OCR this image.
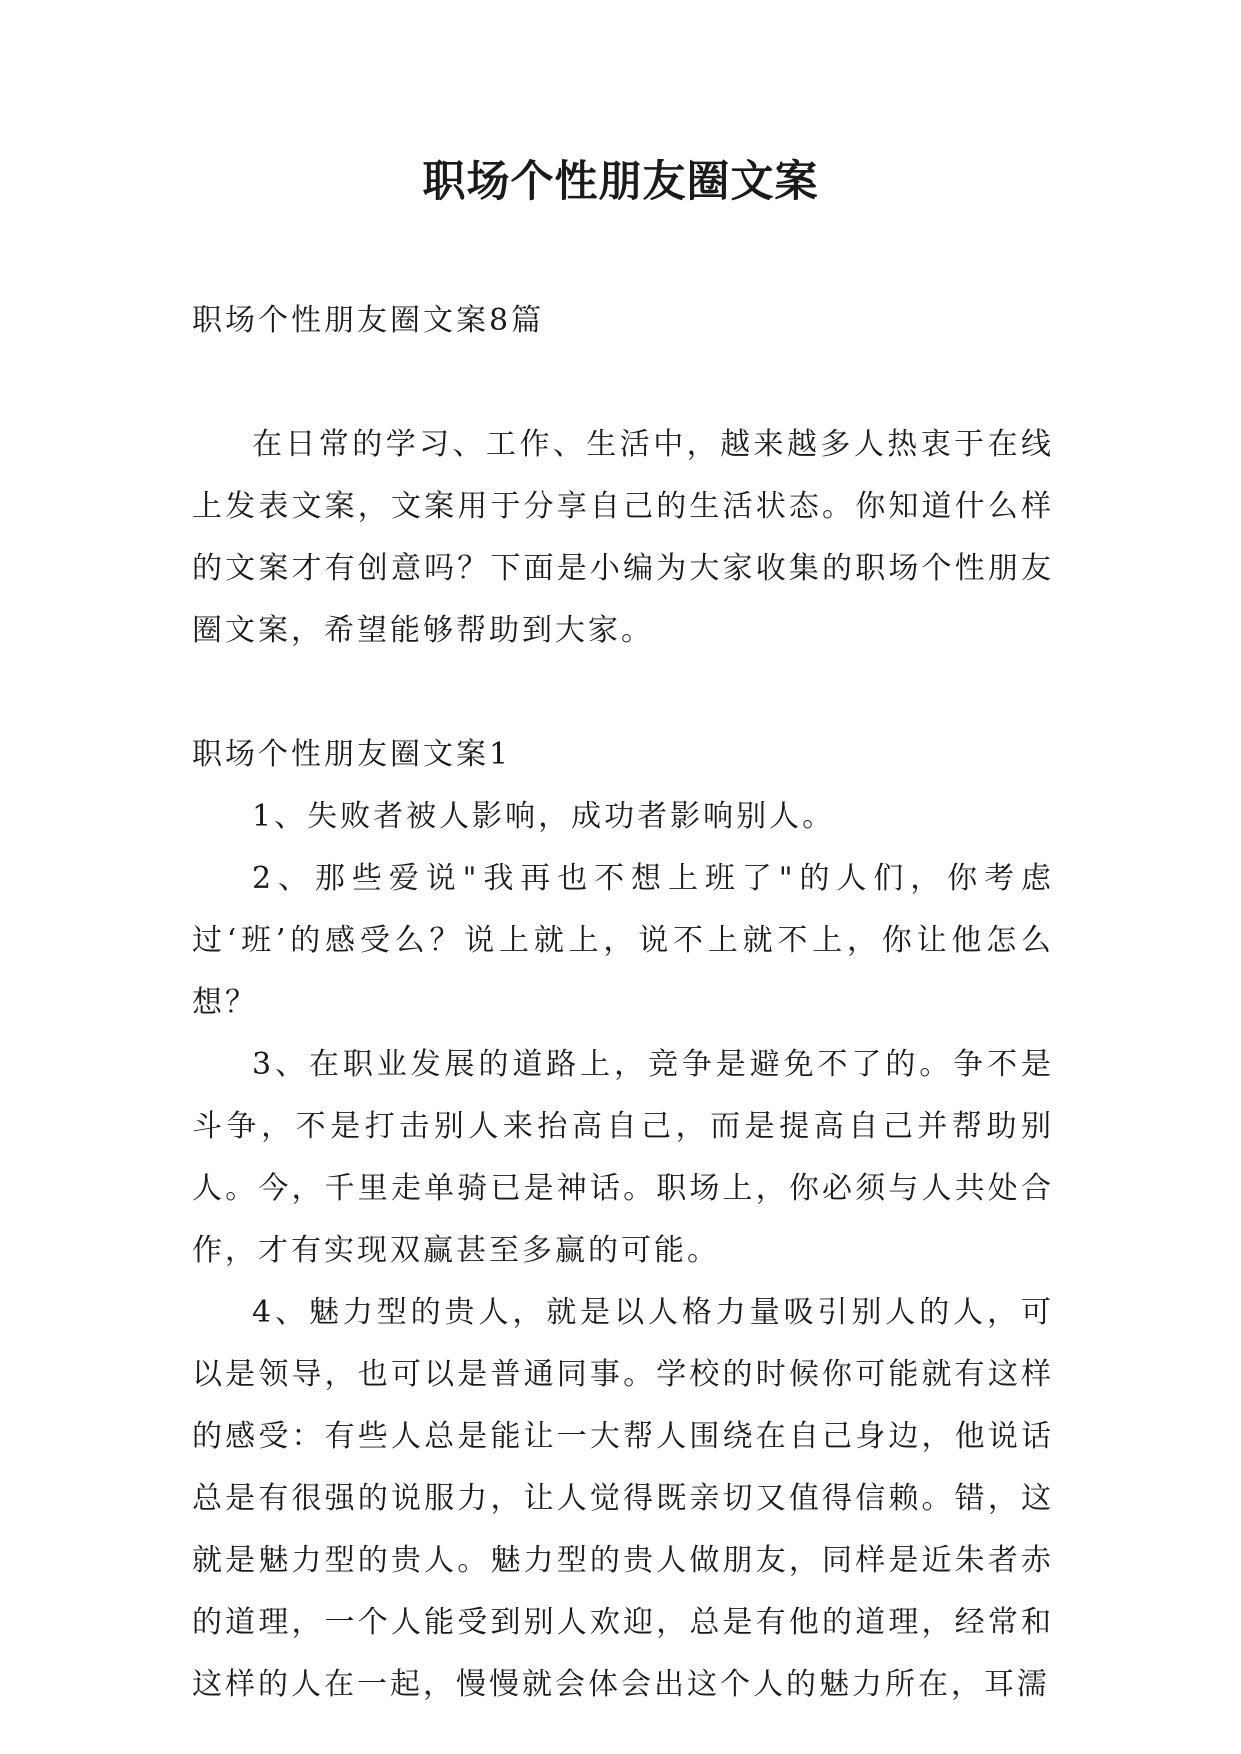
职场个性朋友圈文案

职场个性朋友圈文案8篇

在日常的学习、工作、生活中，越来越多人热衷于在线上发表文案，文案用于分享自己的生活状态。你知道什么样的文案才有创意吗？下面是小编为大家收集的职场个性朋友圈文案，希望能够帮助到大家。

职场个性朋友圈文案1

1、失败者被人影响，成功者影响别人。

2、那些爱说"我再也不想上班了"的人们，你考虑过‘班’的感受么？说上就上，说不上就不上，你让他怎么想？

3、在职业发展的道路上，竞争是避免不了的。争不是斗争，不是打击别人来抬高自己，而是提高自己并帮助别人。今，千里走单骑已是神话。职场上，你必须与人共处合作，才有实现双赢甚至多赢的可能。

4、魅力型的贵人，就是以人格力量吸引别人的人，可以是领导，也可以是普通同事。学校的时候你可能就有这样的感受：有些人总是能让一大帮人围绕在自己身边，他说话总是有很强的说服力，让人觉得既亲切又值得信赖。错，这就是魅力型的贵人。魅力型的贵人做朋友，同样是近朱者赤的道理，一个人能受到别人欢迎，总是有他的道理，经常和这样的人在一起，慢慢就会体会出这个人的魅力所在，耳濡
